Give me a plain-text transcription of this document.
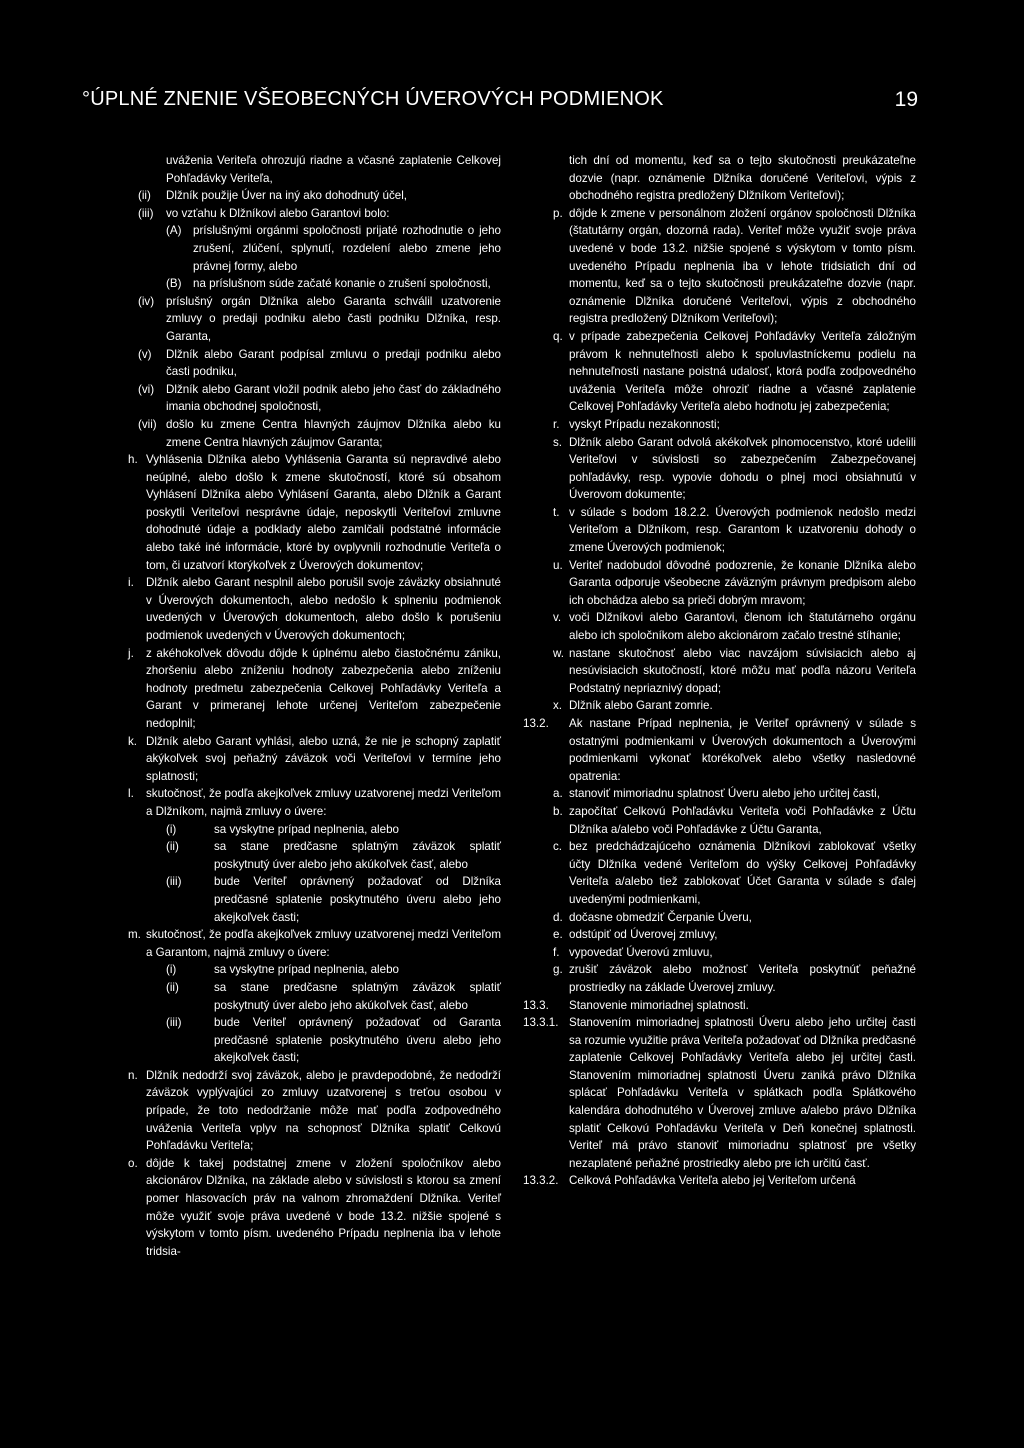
°ÚPLNÉ ZNENIE VŠEOBECNÝCH ÚVEROVÝCH PODMIENOK	19

uváženia Veriteľa ohrozujú riadne a včasné zaplatenie Celkovej Pohľadávky Veriteľa,

(ii) Dlžník použije Úver na iný ako dohodnutý účel,

(iii) vo vzťahu k Dlžníkovi alebo Garantovi bolo:

(A) príslušnými orgánmi spoločnosti prijaté rozhodnutie o jeho zrušení, zlúčení, splynutí, rozdelení alebo zmene jeho právnej formy, alebo

(B) na príslušnom súde začaté konanie o zrušení spoločnosti,

(iv) príslušný orgán Dlžníka alebo Garanta schválil uzatvorenie zmluvy o predaji podniku alebo časti podniku Dlžníka, resp. Garanta,

(v) Dlžník alebo Garant podpísal zmluvu o predaji podniku alebo časti podniku,

(vi) Dlžník alebo Garant vložil podnik alebo jeho časť do základného imania obchodnej spoločnosti,

(vii) došlo ku zmene Centra hlavných záujmov Dlžníka alebo ku zmene Centra hlavných záujmov Garanta;

h. Vyhlásenia Dlžníka alebo Vyhlásenia Garanta sú nepravdivé alebo neúplné, alebo došlo k zmene skutočností, ktoré sú obsahom Vyhlásení Dlžníka alebo Vyhlásení Garanta, alebo Dlžník a Garant poskytli Veriteľovi nesprávne údaje, neposkytli Veriteľovi zmluvne dohodnuté údaje a podklady alebo zamlčali podstatné informácie alebo také iné informácie, ktoré by ovplyvnili rozhodnutie Veriteľa o tom, či uzatvorí ktorýkoľvek z Úverových dokumentov;

i. Dlžník alebo Garant nesplnil alebo porušil svoje záväzky obsiahnuté v Úverových dokumentoch, alebo nedošlo k splneniu podmienok uvedených v Úverových dokumentoch, alebo došlo k porušeniu podmienok uvedených v Úverových dokumentoch;

j. z akéhokoľvek dôvodu dôjde k úplnému alebo čiastočnému zániku, zhoršeniu alebo zníženiu hodnoty zabezpečenia alebo zníženiu hodnoty predmetu zabezpečenia Celkovej Pohľadávky Veriteľa a Garant v primeranej lehote určenej Veriteľom zabezpečenie nedoplnil;

k. Dlžník alebo Garant vyhlási, alebo uzná, že nie je schopný zaplatiť akýkoľvek svoj peňažný záväzok voči Veriteľovi v termíne jeho splatnosti;

l. skutočnosť, že podľa akejkoľvek zmluvy uzatvorenej medzi Veriteľom a Dlžníkom, najmä zmluvy o úvere:

(i)	sa vyskytne prípad neplnenia, alebo

(ii)	sa stane predčasne splatným záväzok splatiť poskytnutý úver alebo jeho akúkoľvek časť, alebo

(iii)	bude Veriteľ oprávnený požadovať od Dlžníka predčasné splatenie poskytnutého úveru alebo jeho akejkoľvek časti;

m. skutočnosť, že podľa akejkoľvek zmluvy uzatvorenej medzi Veriteľom a Garantom, najmä zmluvy o úvere:

(i)	sa vyskytne prípad neplnenia, alebo

(ii)	sa stane predčasne splatným záväzok splatiť poskytnutý úver alebo jeho akúkoľvek časť, alebo

(iii)	bude Veriteľ oprávnený požadovať od Garanta predčasné splatenie poskytnutého úveru alebo jeho akejkoľvek časti;

n. Dlžník nedodrží svoj záväzok, alebo je pravdepodobné, že nedodrží záväzok vyplývajúci zo zmluvy uzatvorenej s treťou osobou v prípade, že toto nedodržanie môže mať podľa zodpovedného uváženia Veriteľa vplyv na schopnosť Dlžníka splatiť Celkovú Pohľadávku Veriteľa;

o. dôjde k takej podstatnej zmene v zložení spoločníkov alebo akcionárov Dlžníka, na základe alebo v súvislosti s ktorou sa zmení pomer hlasovacích práv na valnom zhromaždení Dlžníka. Veriteľ môže využiť svoje práva uvedené v bode 13.2. nižšie spojené s výskytom v tomto písm. uvedeného Prípadu neplnenia iba v lehote tridsia-

tich dní od momentu, keď sa o tejto skutočnosti preukázateľne dozvie (napr. oznámenie Dlžníka doručené Veriteľovi, výpis z obchodného registra predložený Dlžníkom Veriteľovi);

p. dôjde k zmene v personálnom zložení orgánov spoločnosti Dlžníka (štatutárny orgán, dozorná rada). Veriteľ môže využiť svoje práva uvedené v bode 13.2. nižšie spojené s výskytom v tomto písm. uvedeného Prípadu neplnenia iba v lehote tridsiatich dní od momentu, keď sa o tejto skutočnosti preukázateľne dozvie (napr. oznámenie Dlžníka doručené Veriteľovi, výpis z obchodného registra predložený Dlžníkom Veriteľovi);

q. v prípade zabezpečenia Celkovej Pohľadávky Veriteľa záložným právom k nehnuteľnosti alebo k spoluvlastníckemu podielu na nehnuteľnosti nastane poistná udalosť, ktorá podľa zodpovedného uváženia Veriteľa môže ohroziť riadne a včasné zaplatenie Celkovej Pohľadávky Veriteľa alebo hodnotu jej zabezpečenia;

r. vyskyt Prípadu nezakonnosti;

s. Dlžník alebo Garant odvolá akékoľvek plnomocenstvo, ktoré udelili Veriteľovi v súvislosti so zabezpečením Zabezpečovanej pohľadávky, resp. vypovie dohodu o plnej moci obsiahnutú v Úverovom dokumente;

t. v súlade s bodom 18.2.2. Úverových podmienok nedošlo medzi Veriteľom a Dlžníkom, resp. Garantom k uzatvoreniu dohody o zmene Úverových podmienok;

u. Veriteľ nadobudol dôvodné podozrenie, že konanie Dlžníka alebo Garanta odporuje všeobecne záväzným právnym predpisom alebo ich obchádza alebo sa prieči dobrým mravom;

v. voči Dlžníkovi alebo Garantovi, členom ich štatutárneho orgánu alebo ich spoločníkom alebo akcionárom začalo trestné stíhanie;

w. nastane skutočnosť alebo viac navzájom súvisiacich alebo aj nesúvisiacich skutočností, ktoré môžu mať podľa názoru Veriteľa Podstatný nepriaznivý dopad;

x. Dlžník alebo Garant zomrie.

13.2. Ak nastane Prípad neplnenia, je Veriteľ oprávnený v súlade s ostatnými podmienkami v Úverových dokumentoch a Úverovými podmienkami vykonať ktorékoľvek alebo všetky nasledovné opatrenia:

a. stanoviť mimoriadnu splatnosť Úveru alebo jeho určitej časti,

b. započítať Celkovú Pohľadávku Veriteľa voči Pohľadávke z Účtu Dlžníka a/alebo voči Pohľadávke z Účtu Garanta,

c. bez predchádzajúceho oznámenia Dlžníkovi zablokovať všetky účty Dlžníka vedené Veriteľom do výšky Celkovej Pohľadávky Veriteľa a/alebo tiež zablokovať Účet Garanta v súlade s ďalej uvedenými podmienkami,

d. dočasne obmedziť Čerpanie Úveru,

e. odstúpiť od Úverovej zmluvy,

f. vypovedať Úverovú zmluvu,

g. zrušiť záväzok alebo možnosť Veriteľa poskytnúť peňažné prostriedky na základe Úverovej zmluvy.

13.3. Stanovenie mimoriadnej splatnosti.

13.3.1. Stanovením mimoriadnej splatnosti Úveru alebo jeho určitej časti sa rozumie využitie práva Veriteľa požadovať od Dlžníka predčasné zaplatenie Celkovej Pohľadávky Veriteľa alebo jej určitej časti. Stanovením mimoriadnej splatnosti Úveru zaniká právo Dlžníka splácať Pohľadávku Veriteľa v splátkach podľa Splátkového kalendára dohodnutého v Úverovej zmluve a/alebo právo Dlžníka splatiť Celkovú Pohľadávku Veriteľa v Deň konečnej splatnosti. Veriteľ má právo stanoviť mimoriadnu splatnosť pre všetky nezaplatené peňažné prostriedky alebo pre ich určitú časť.

13.3.2. Celková Pohľadávka Veriteľa alebo jej Veriteľom určená
